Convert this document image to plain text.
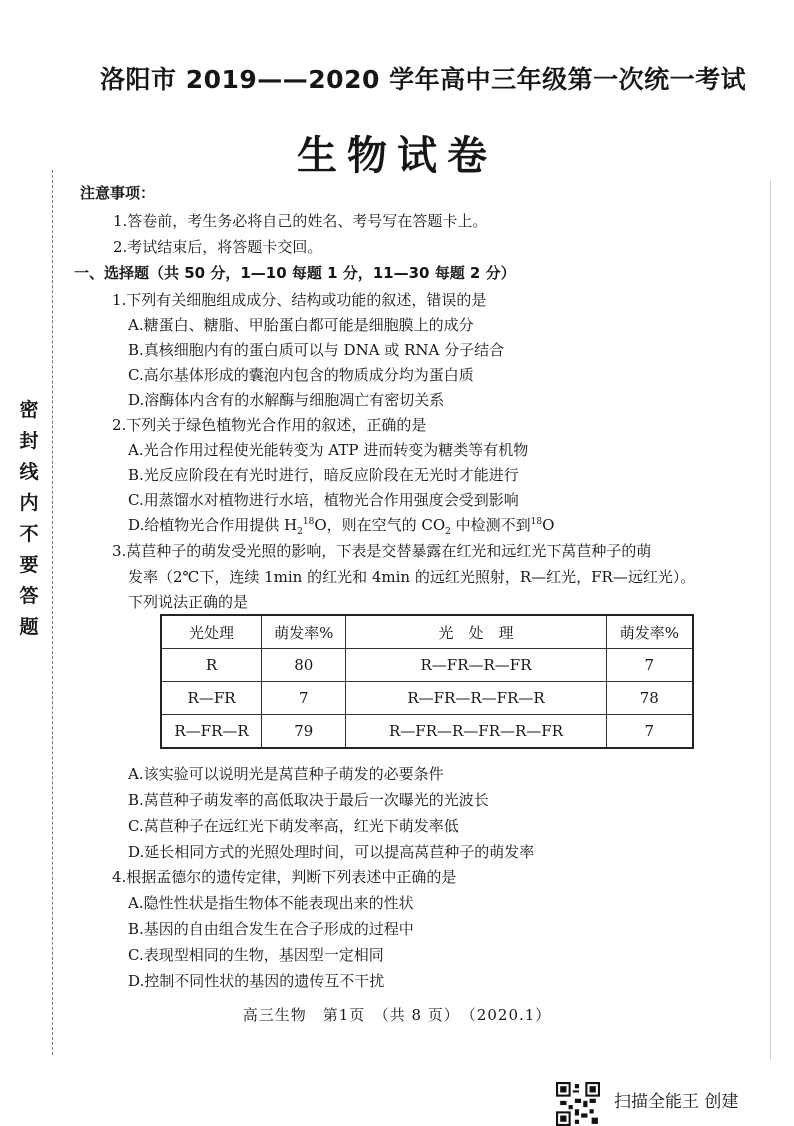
密
封
线
内
不
要
答
题
洛阳市 2019——2020 学年高中三年级第一次统一考试
生物试卷
注意事项：
1.答卷前，考生务必将自己的姓名、考号写在答题卡上。
2.考试结束后，将答题卡交回。
一、选择题（共 50 分，1—10 每题 1 分，11—30 每题 2 分）
1.下列有关细胞组成成分、结构或功能的叙述，错误的是
A.糖蛋白、糖脂、甲胎蛋白都可能是细胞膜上的成分
B.真核细胞内有的蛋白质可以与 DNA 或 RNA 分子结合
C.高尔基体形成的囊泡内包含的物质成分均为蛋白质
D.溶酶体内含有的水解酶与细胞凋亡有密切关系
2.下列关于绿色植物光合作用的叙述，正确的是
A.光合作用过程使光能转变为 ATP 进而转变为糖类等有机物
B.光反应阶段在有光时进行，暗反应阶段在无光时才能进行
C.用蒸馏水对植物进行水培，植物光合作用强度会受到影响
D.给植物光合作用提供 $H_2^{18}O$，则在空气的 $CO_2$ 中检测不到$^{18}$O
3.莴苣种子的萌发受光照的影响，下表是交替暴露在红光和远红光下莴苣种子的萌
发率（2℃下，连续 1min 的红光和 4min 的远红光照射，R—红光，FR—远红光）。
下列说法正确的是
光处理	萌发率%	光　处　理	萌发率%
R	80	R—FR—R—FR	7
R—FR	7	R—FR—R—FR—R	78
R—FR—R	79	R—FR—R—FR—R—FR	7
A.该实验可以说明光是莴苣种子萌发的必要条件
B.莴苣种子萌发率的高低取决于最后一次曝光的光波长
C.莴苣种子在远红光下萌发率高，红光下萌发率低
D.延长相同方式的光照处理时间，可以提高莴苣种子的萌发率
4.根据孟德尔的遗传定律，判断下列表述中正确的是
A.隐性性状是指生物体不能表现出来的性状
B.基因的自由组合发生在合子形成的过程中
C.表现型相同的生物，基因型一定相同
D.控制不同性状的基因的遗传互不干扰
高三生物　第1页　（共 8 页）　（2020.1）
扫描全能王 创建
